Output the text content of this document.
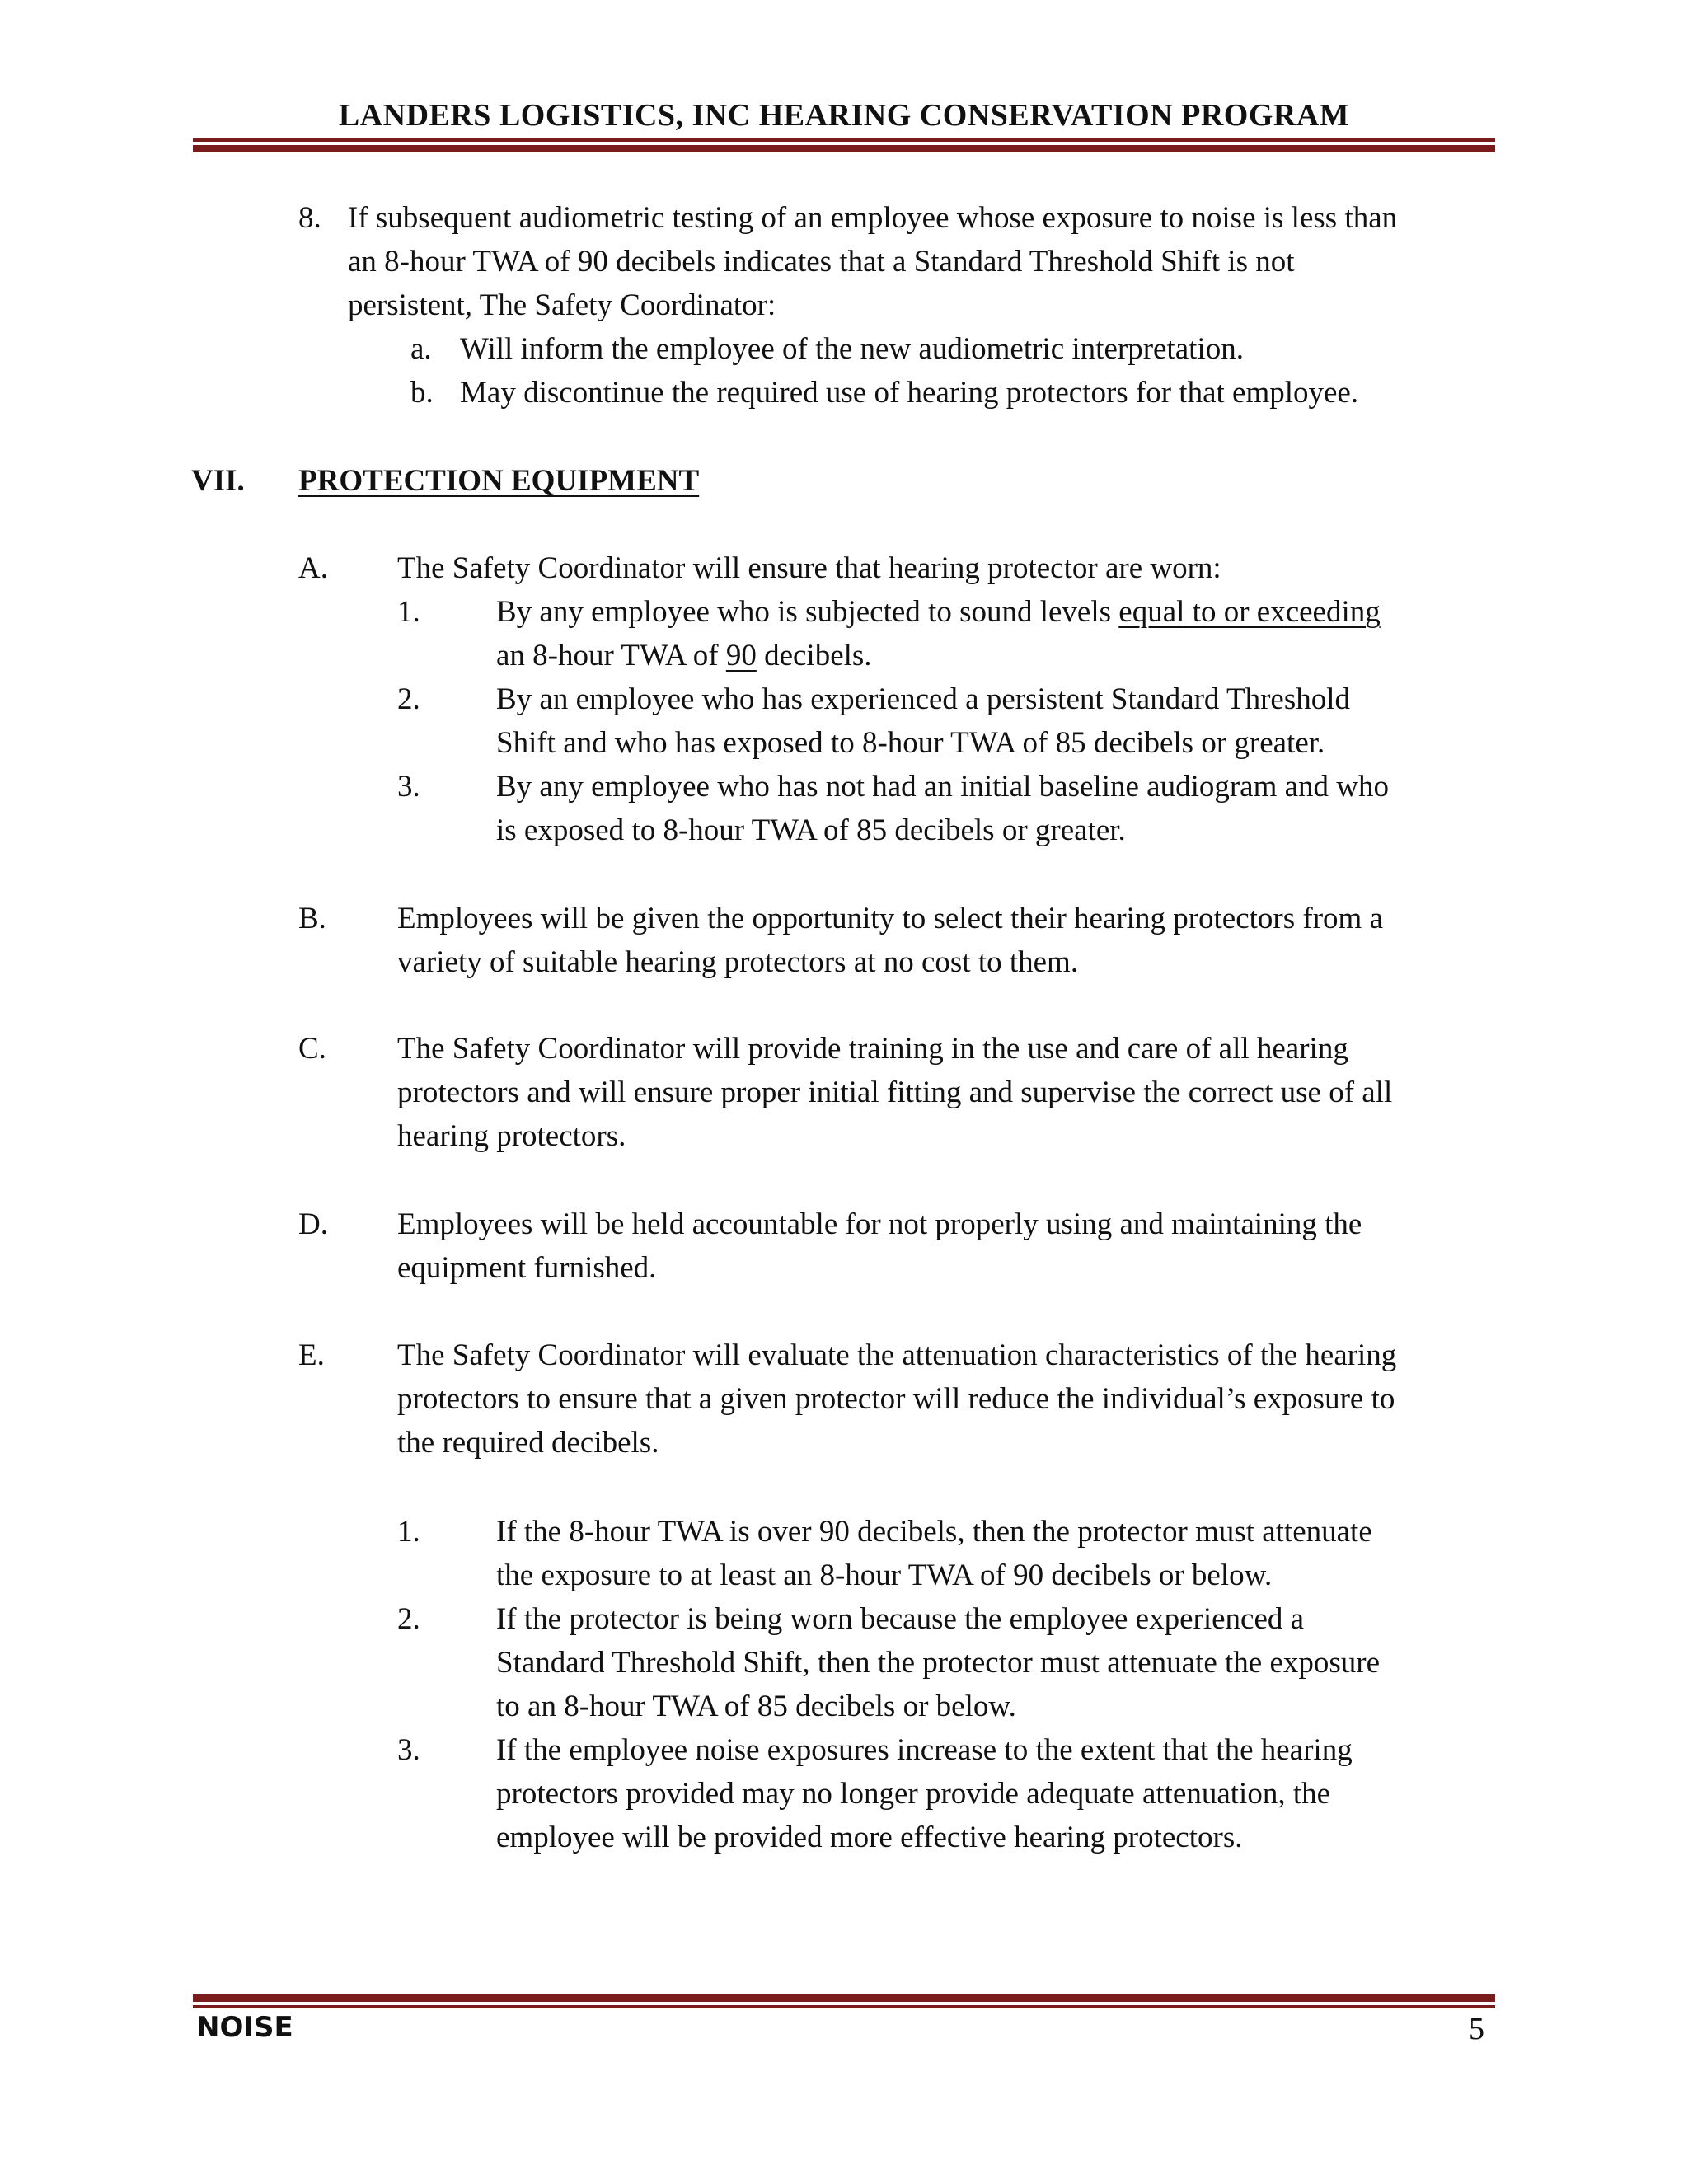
LANDERS LOGISTICS, INC HEARING CONSERVATION PROGRAM
8. If subsequent audiometric testing of an employee whose exposure to noise is less than
an 8-hour TWA of 90 decibels indicates that a Standard Threshold Shift is not
persistent, The Safety Coordinator:
a. Will inform the employee of the new audiometric interpretation.
b. May discontinue the required use of hearing protectors for that employee.
VII. PROTECTION EQUIPMENT
A. The Safety Coordinator will ensure that hearing protector are worn:
1. By any employee who is subjected to sound levels equal to or exceeding
an 8-hour TWA of 90 decibels.
2. By an employee who has experienced a persistent Standard Threshold
Shift and who has exposed to 8-hour TWA of 85 decibels or greater.
3. By any employee who has not had an initial baseline audiogram and who
is exposed to 8-hour TWA of 85 decibels or greater.
B. Employees will be given the opportunity to select their hearing protectors from a
variety of suitable hearing protectors at no cost to them.
C. The Safety Coordinator will provide training in the use and care of all hearing
protectors and will ensure proper initial fitting and supervise the correct use of all
hearing protectors.
D. Employees will be held accountable for not properly using and maintaining the
equipment furnished.
E. The Safety Coordinator will evaluate the attenuation characteristics of the hearing
protectors to ensure that a given protector will reduce the individual’s exposure to
the required decibels.
1. If the 8-hour TWA is over 90 decibels, then the protector must attenuate
the exposure to at least an 8-hour TWA of 90 decibels or below.
2. If the protector is being worn because the employee experienced a
Standard Threshold Shift, then the protector must attenuate the exposure
to an 8-hour TWA of 85 decibels or below.
3. If the employee noise exposures increase to the extent that the hearing
protectors provided may no longer provide adequate attenuation, the
employee will be provided more effective hearing protectors.
NOISE	5
